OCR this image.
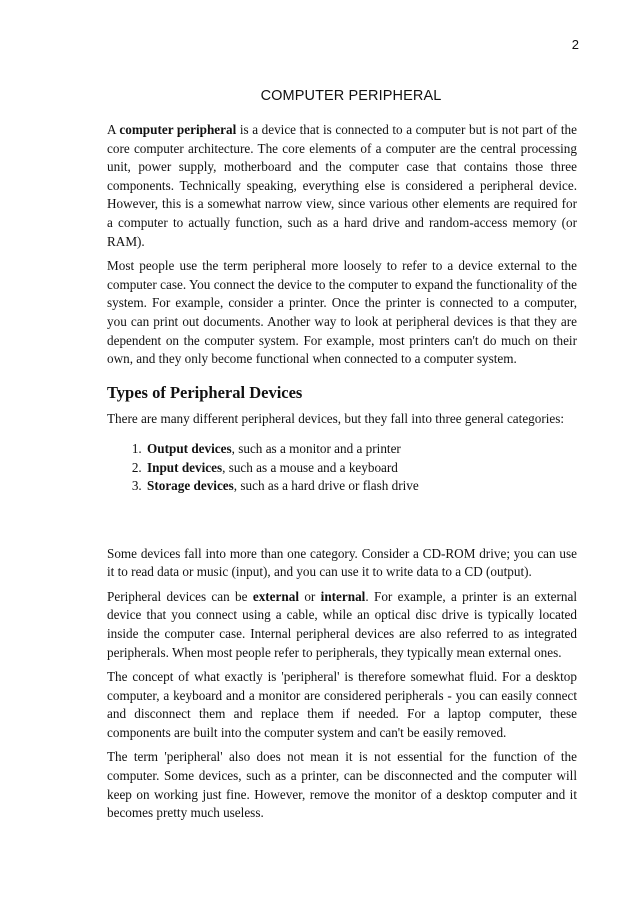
2
COMPUTER PERIPHERAL

A computer peripheral is a device that is connected to a computer but is not part of the core computer architecture. The core elements of a computer are the central processing unit, power supply, motherboard and the computer case that contains those three components. Technically speaking, everything else is considered a peripheral device. However, this is a somewhat narrow view, since various other elements are required for a computer to actually function, such as a hard drive and random-access memory (or RAM).

Most people use the term peripheral more loosely to refer to a device external to the computer case. You connect the device to the computer to expand the functionality of the system. For example, consider a printer. Once the printer is connected to a computer, you can print out documents. Another way to look at peripheral devices is that they are dependent on the computer system. For example, most printers can't do much on their own, and they only become functional when connected to a computer system.

Types of Peripheral Devices

There are many different peripheral devices, but they fall into three general categories:

1. Output devices, such as a monitor and a printer
2. Input devices, such as a mouse and a keyboard
3. Storage devices, such as a hard drive or flash drive

Some devices fall into more than one category. Consider a CD-ROM drive; you can use it to read data or music (input), and you can use it to write data to a CD (output).

Peripheral devices can be external or internal. For example, a printer is an external device that you connect using a cable, while an optical disc drive is typically located inside the computer case. Internal peripheral devices are also referred to as integrated peripherals. When most people refer to peripherals, they typically mean external ones.

The concept of what exactly is 'peripheral' is therefore somewhat fluid. For a desktop computer, a keyboard and a monitor are considered peripherals - you can easily connect and disconnect them and replace them if needed. For a laptop computer, these components are built into the computer system and can't be easily removed.

The term 'peripheral' also does not mean it is not essential for the function of the computer. Some devices, such as a printer, can be disconnected and the computer will keep on working just fine. However, remove the monitor of a desktop computer and it becomes pretty much useless.
